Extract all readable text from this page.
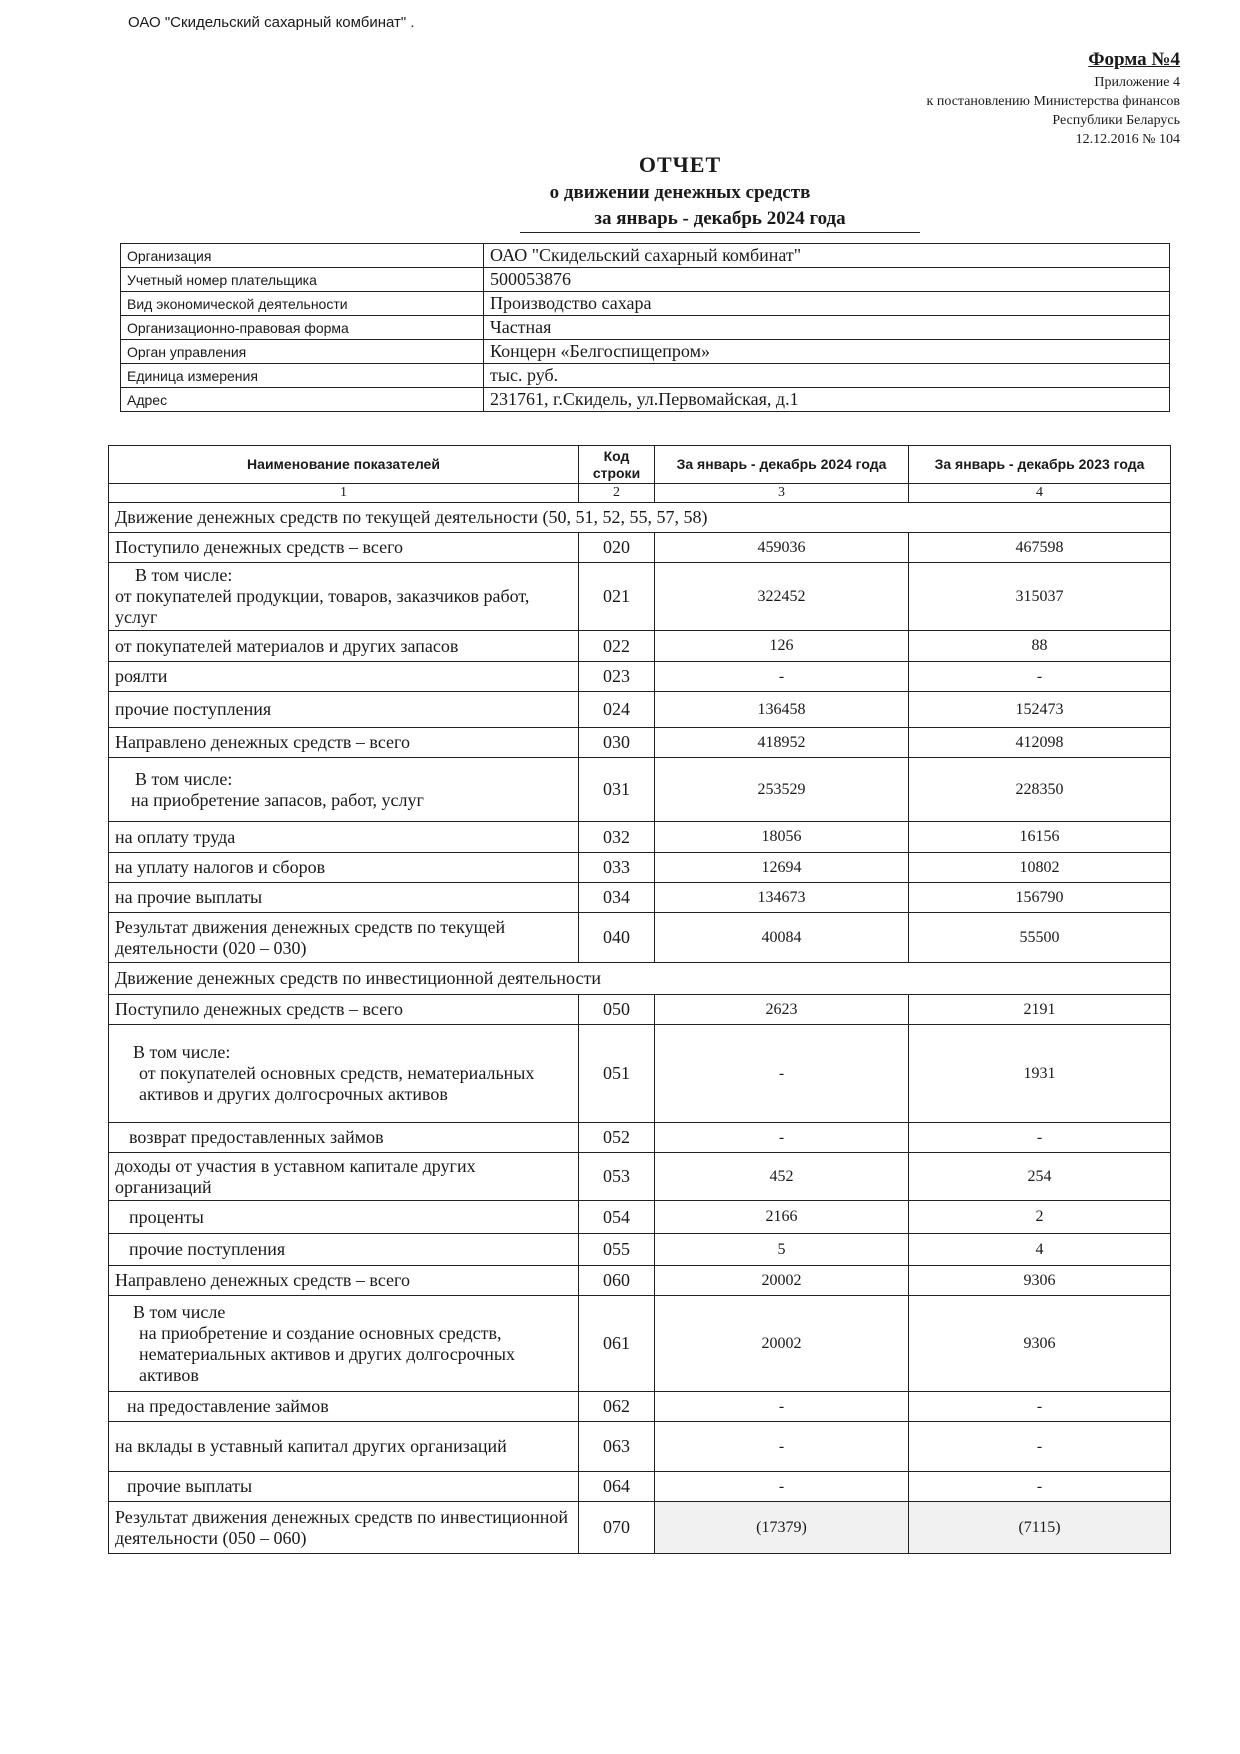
ОАО "Скидельский сахарный комбинат" .
Форма №4
Приложение 4
к постановлению Министерства финансов
Республики Беларусь
12.12.2016 № 104
ОТЧЕТ
о движении денежных средств
за январь - декабрь 2024 года
Организация	ОАО "Скидельский сахарный комбинат"
Учетный номер плательщика	500053876
Вид экономической деятельности	Производство сахара
Организационно-правовая форма	Частная
Орган управления	Концерн «Белгоспищепром»
Единица измерения	тыс. руб.
Адрес	231761, г.Скидель, ул.Первомайская, д.1
Наименование показателей	Код строки	За январь - декабрь 2024 года	За январь - декабрь 2023 года
1	2	3	4
Движение денежных средств по текущей деятельности (50, 51, 52, 55, 57, 58)			
Поступило денежных средств – всего	020	459036	467598

В том числе:
от покупателей продукции, товаров, заказчиков работ, услуг	021	322452	315037
от покупателей материалов и других запасов	022	126	88
роялти	023	-	-
прочие поступления	024	136458	152473
Направлено денежных средств – всего	030	418952	412098

В том числе:
на приобретение запасов, работ, услуг	031	253529	228350
на оплату труда	032	18056	16156
на уплату налогов и сборов	033	12694	10802
на прочие выплаты	034	134673	156790
Результат движения денежных средств по текущей деятельности (020 – 030)	040	40084	55500
Движение денежных средств по инвестиционной деятельности			
Поступило денежных средств – всего	050	2623	2191

В том числе:
от покупателей основных средств, нематериальных активов и других долгосрочных активов	051	-	1931
возврат предоставленных займов	052	-	-
доходы от участия в уставном капитале других организаций	053	452	254
проценты	054	2166	2
прочие поступления	055	5	4
Направлено денежных средств – всего	060	20002	9306

В том числе
на приобретение и создание основных средств, нематериальных активов и других долгосрочных активов	061	20002	9306
на предоставление займов	062	-	-
на вклады в уставный капитал других организаций	063	-	-
прочие выплаты	064	-	-
Результат движения денежных средств по инвестиционной деятельности (050 – 060)	070	(17379)	(7115)
